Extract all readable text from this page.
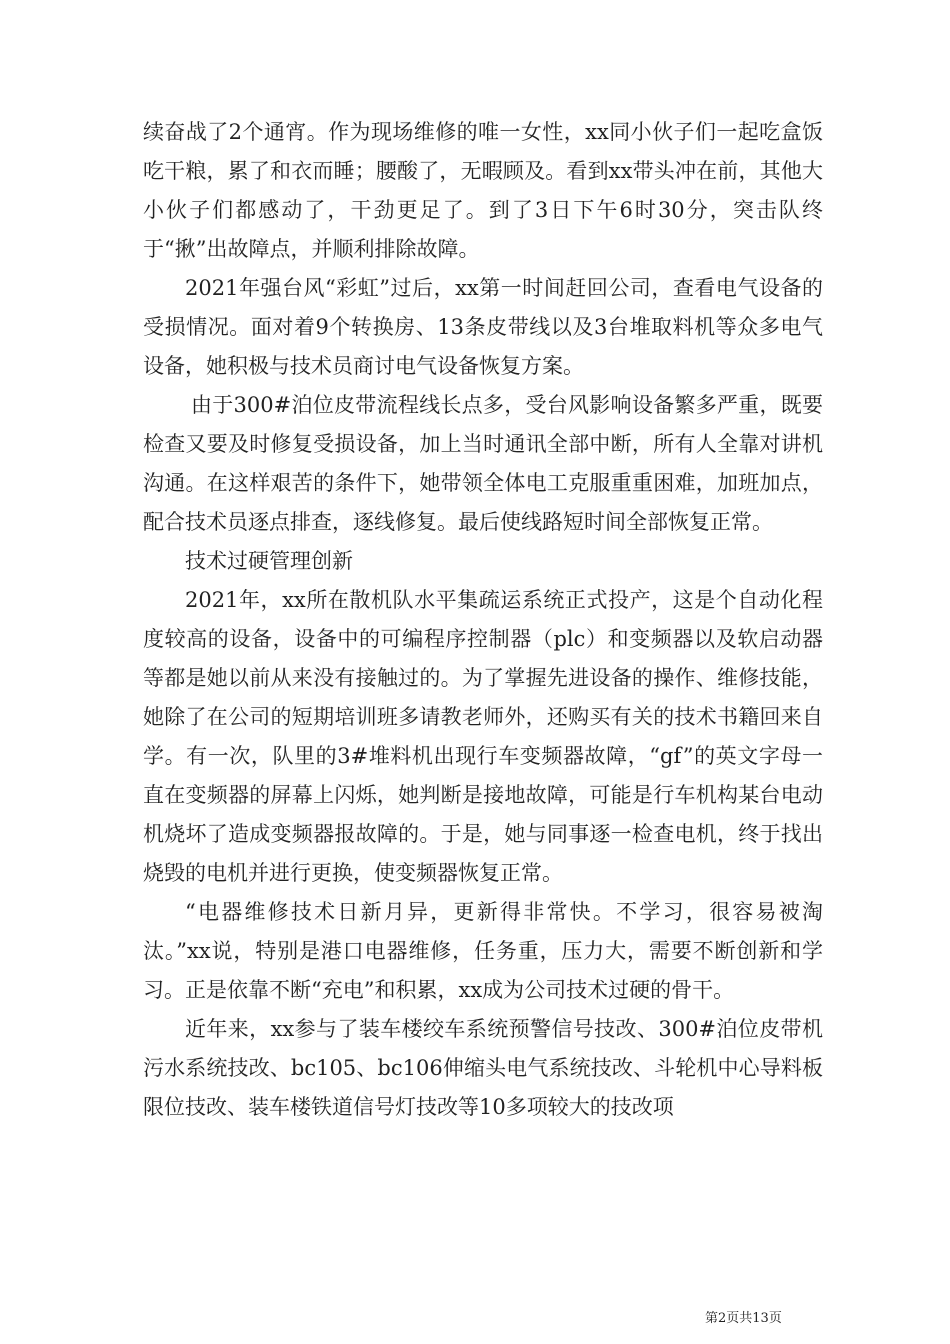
续奋战了2个通宵。作为现场维修的唯一女性，xx同小伙子们一起吃盒饭吃干粮，累了和衣而睡；腰酸了，无暇顾及。看到xx带头冲在前，其他大小伙子们都感动了，干劲更足了。到了3日下午6时30分，突击队终于“揪”出故障点，并顺利排除故障。

2021年强台风“彩虹”过后，xx第一时间赶回公司，查看电气设备的受损情况。面对着9个转换房、13条皮带线以及3台堆取料机等众多电气设备，她积极与技术员商讨电气设备恢复方案。

由于300#泊位皮带流程线长点多，受台风影响设备繁多严重，既要检查又要及时修复受损设备，加上当时通讯全部中断，所有人全靠对讲机沟通。在这样艰苦的条件下，她带领全体电工克服重重困难，加班加点，配合技术员逐点排查，逐线修复。最后使线路短时间全部恢复正常。

技术过硬管理创新

2021年，xx所在散机队水平集疏运系统正式投产，这是个自动化程度较高的设备，设备中的可编程序控制器（plc）和变频器以及软启动器等都是她以前从来没有接触过的。为了掌握先进设备的操作、维修技能，她除了在公司的短期培训班多请教老师外，还购买有关的技术书籍回来自学。有一次，队里的3#堆料机出现行车变频器故障，“gf”的英文字母一直在变频器的屏幕上闪烁，她判断是接地故障，可能是行车机构某台电动机烧坏了造成变频器报故障的。于是，她与同事逐一检查电机，终于找出烧毁的电机并进行更换，使变频器恢复正常。

“电器维修技术日新月异，更新得非常快。不学习，很容易被淘汰。”xx说，特别是港口电器维修，任务重，压力大，需要不断创新和学习。正是依靠不断“充电”和积累，xx成为公司技术过硬的骨干。

近年来，xx参与了装车楼绞车系统预警信号技改、300#泊位皮带机污水系统技改、bc105、bc106伸缩头电气系统技改、斗轮机中心导料板限位技改、装车楼铁道信号灯技改等10多项较大的技改项

第2页共13页
